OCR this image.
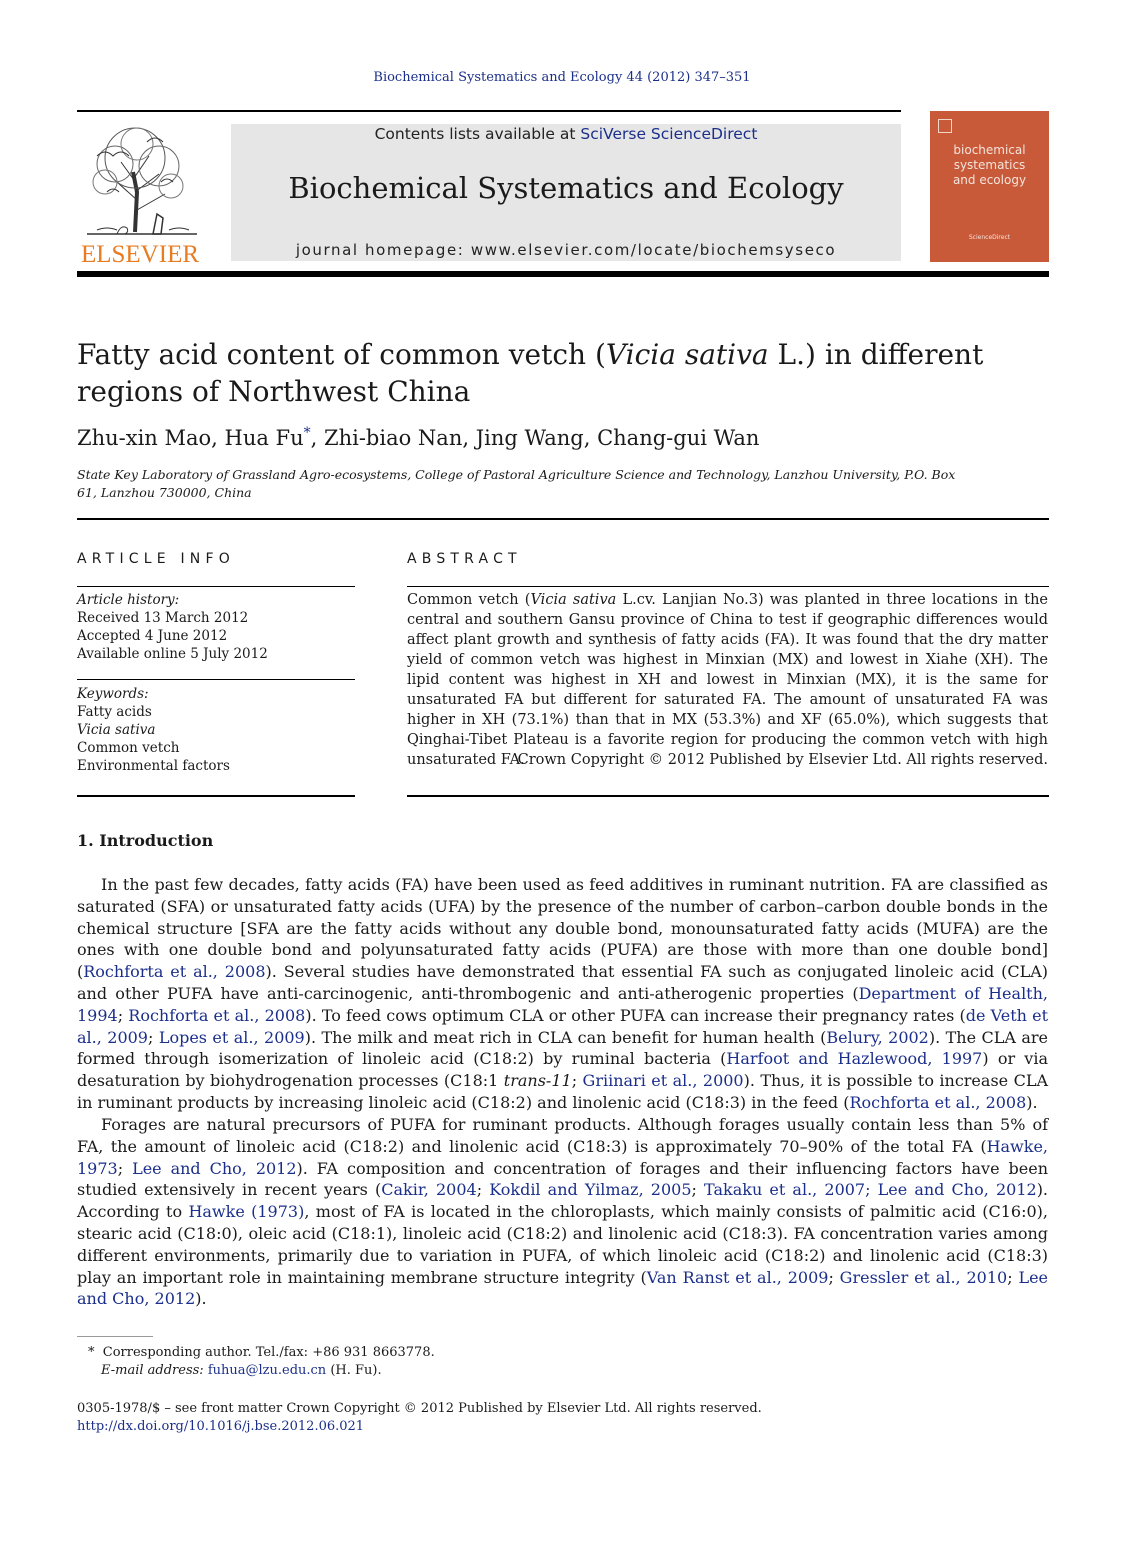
Biochemical Systematics and Ecology 44 (2012) 347–351
ELSEVIER
Contents lists available at SciVerse ScienceDirect
Biochemical Systematics and Ecology
journal homepage: www.elsevier.com/locate/biochemsyseco
biochemical
systematics
and ecology
ScienceDirect
Fatty acid content of common vetch (Vicia sativa L.) in different regions of Northwest China
Zhu-xin Mao, Hua Fu*, Zhi-biao Nan, Jing Wang, Chang-gui Wan
State Key Laboratory of Grassland Agro-ecosystems, College of Pastoral Agriculture Science and Technology, Lanzhou University, P.O. Box 61, Lanzhou 730000, China
ARTICLE INFO
Article history:
Received 13 March 2012
Accepted 4 June 2012
Available online 5 July 2012
Keywords:
Fatty acids
Vicia sativa
Common vetch
Environmental factors
ABSTRACT
Common vetch (Vicia sativa L.cv. Lanjian No.3) was planted in three locations in the central and southern Gansu province of China to test if geographic differences would affect plant growth and synthesis of fatty acids (FA). It was found that the dry matter yield of common vetch was highest in Minxian (MX) and lowest in Xiahe (XH). The lipid content was highest in XH and lowest in Minxian (MX), it is the same for unsaturated FA but different for saturated FA. The amount of unsaturated FA was higher in XH (73.1%) than that in MX (53.3%) and XF (65.0%), which suggests that Qinghai-Tibet Plateau is a favorite region for producing the common vetch with high unsaturated FA.
Crown Copyright © 2012 Published by Elsevier Ltd. All rights reserved.
1. Introduction
In the past few decades, fatty acids (FA) have been used as feed additives in ruminant nutrition. FA are classified as saturated (SFA) or unsaturated fatty acids (UFA) by the presence of the number of carbon–carbon double bonds in the chemical structure [SFA are the fatty acids without any double bond, monounsaturated fatty acids (MUFA) are the ones with one double bond and polyunsaturated fatty acids (PUFA) are those with more than one double bond] (Rochforta et al., 2008). Several studies have demonstrated that essential FA such as conjugated linoleic acid (CLA) and other PUFA have anti-carcinogenic, anti-thrombogenic and anti-atherogenic properties (Department of Health, 1994; Rochforta et al., 2008). To feed cows optimum CLA or other PUFA can increase their pregnancy rates (de Veth et al., 2009; Lopes et al., 2009). The milk and meat rich in CLA can benefit for human health (Belury, 2002). The CLA are formed through isomerization of linoleic acid (C18:2) by ruminal bacteria (Harfoot and Hazlewood, 1997) or via desaturation by biohydrogenation processes (C18:1 trans-11; Griinari et al., 2000). Thus, it is possible to increase CLA in ruminant products by increasing linoleic acid (C18:2) and linolenic acid (C18:3) in the feed (Rochforta et al., 2008).
Forages are natural precursors of PUFA for ruminant products. Although forages usually contain less than 5% of FA, the amount of linoleic acid (C18:2) and linolenic acid (C18:3) is approximately 70–90% of the total FA (Hawke, 1973; Lee and Cho, 2012). FA composition and concentration of forages and their influencing factors have been studied extensively in recent years (Cakir, 2004; Kokdil and Yilmaz, 2005; Takaku et al., 2007; Lee and Cho, 2012). According to Hawke (1973), most of FA is located in the chloroplasts, which mainly consists of palmitic acid (C16:0), stearic acid (C18:0), oleic acid (C18:1), linoleic acid (C18:2) and linolenic acid (C18:3). FA concentration varies among different environments, primarily due to variation in PUFA, of which linoleic acid (C18:2) and linolenic acid (C18:3) play an important role in maintaining membrane structure integrity (Van Ranst et al., 2009; Gressler et al., 2010; Lee and Cho, 2012).
* Corresponding author. Tel./fax: +86 931 8663778.
E-mail address: fuhua@lzu.edu.cn (H. Fu).
0305-1978/$ – see front matter Crown Copyright © 2012 Published by Elsevier Ltd. All rights reserved.
http://dx.doi.org/10.1016/j.bse.2012.06.021
